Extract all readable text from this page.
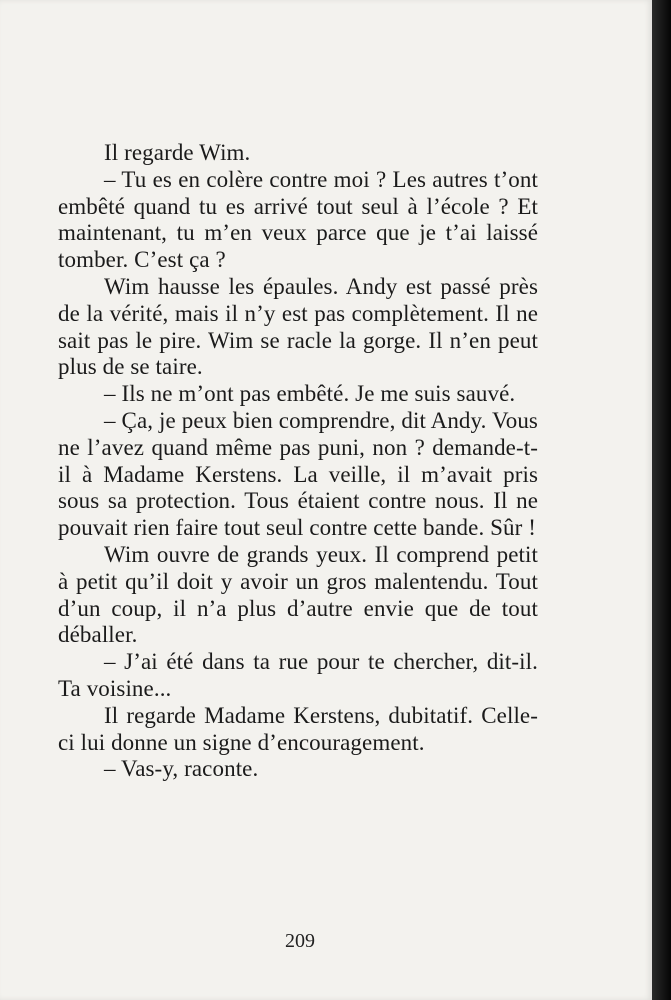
Il regarde Wim.

– Tu es en colère contre moi ? Les autres t’ont embêté quand tu es arrivé tout seul à l’école ? Et maintenant, tu m’en veux parce que je t’ai laissé tomber. C’est ça ?

Wim hausse les épaules. Andy est passé près de la vérité, mais il n’y est pas complètement. Il ne sait pas le pire. Wim se racle la gorge. Il n’en peut plus de se taire.

– Ils ne m’ont pas embêté. Je me suis sauvé.

– Ça, je peux bien comprendre, dit Andy. Vous ne l’avez quand même pas puni, non ? demande-t-il à Madame Kerstens. La veille, il m’avait pris sous sa protection. Tous étaient contre nous. Il ne pouvait rien faire tout seul contre cette bande. Sûr !

Wim ouvre de grands yeux. Il comprend petit à petit qu’il doit y avoir un gros malentendu. Tout d’un coup, il n’a plus d’autre envie que de tout déballer.

– J’ai été dans ta rue pour te chercher, dit-il. Ta voisine...

Il regarde Madame Kerstens, dubitatif. Celle-ci lui donne un signe d’encouragement.

– Vas-y, raconte.

209
